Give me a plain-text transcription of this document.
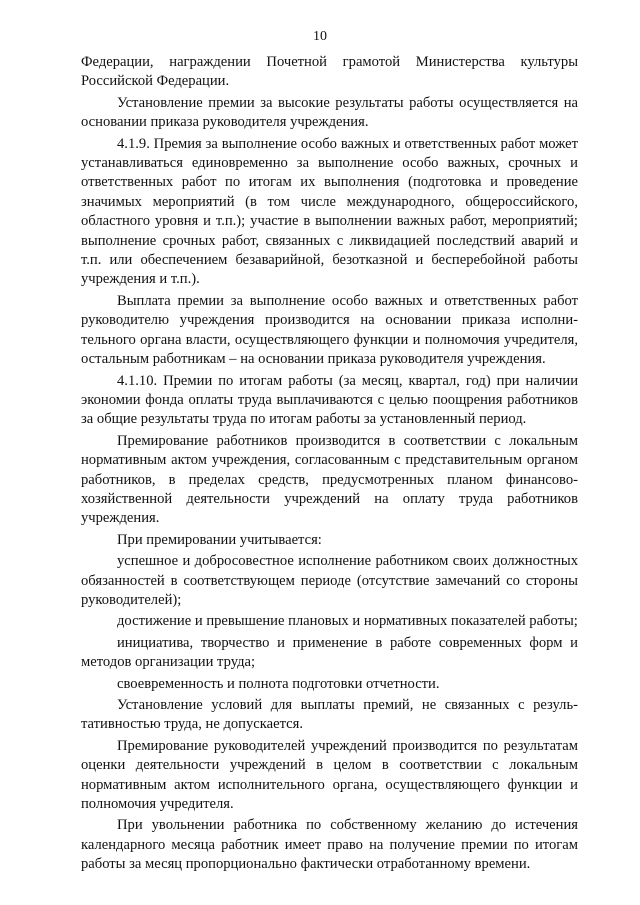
10

Федерации, награждении Почетной грамотой Министерства культуры Российской Федерации.

Установление премии за высокие результаты работы осуществляется на основании приказа руководителя учреждения.

4.1.9. Премия за выполнение особо важных и ответственных работ может устанавливаться единовременно за выполнение особо важных, срочных и ответственных работ по итогам их выполнения (подготовка и проведение значимых мероприятий (в том числе международного, общероссийского, областного уровня и т.п.); участие в выполнении важных работ, мероприятий; выполнение срочных работ, связанных с ликвидацией последствий аварий и т.п. или обеспечением безаварийной, безотказной и бесперебойной работы учреждения и т.п.).

Выплата премии за выполнение особо важных и ответственных работ руководителю учреждения производится на основании приказа исполнительного органа власти, осуществляющего функции и полномочия учредителя, остальным работникам – на основании приказа руководителя учреждения.

4.1.10. Премии по итогам работы (за месяц, квартал, год) при наличии экономии фонда оплаты труда выплачиваются с целью поощрения работников за общие результаты труда по итогам работы за установленный период.

Премирование работников производится в соответствии с локальным нормативным актом учреждения, согласованным с представительным органом работников, в пределах средств, предусмотренных планом финансово-хозяйственной деятельности учреждений на оплату труда работников учреждения.

При премировании учитывается:

успешное и добросовестное исполнение работником своих должностных обязанностей в соответствующем периоде (отсутствие замечаний со стороны руководителей);

достижение и превышение плановых и нормативных показателей работы;

инициатива, творчество и применение в работе современных форм и методов организации труда;

своевременность и полнота подготовки отчетности.

Установление условий для выплаты премий, не связанных с результативностью труда, не допускается.

Премирование руководителей учреждений производится по результатам оценки деятельности учреждений в целом в соответствии с локальным нормативным актом исполнительного органа, осуществляющего функции и полномочия учредителя.

При увольнении работника по собственному желанию до истечения календарного месяца работник имеет право на получение премии по итогам работы за месяц пропорционально фактически отработанному времени.
